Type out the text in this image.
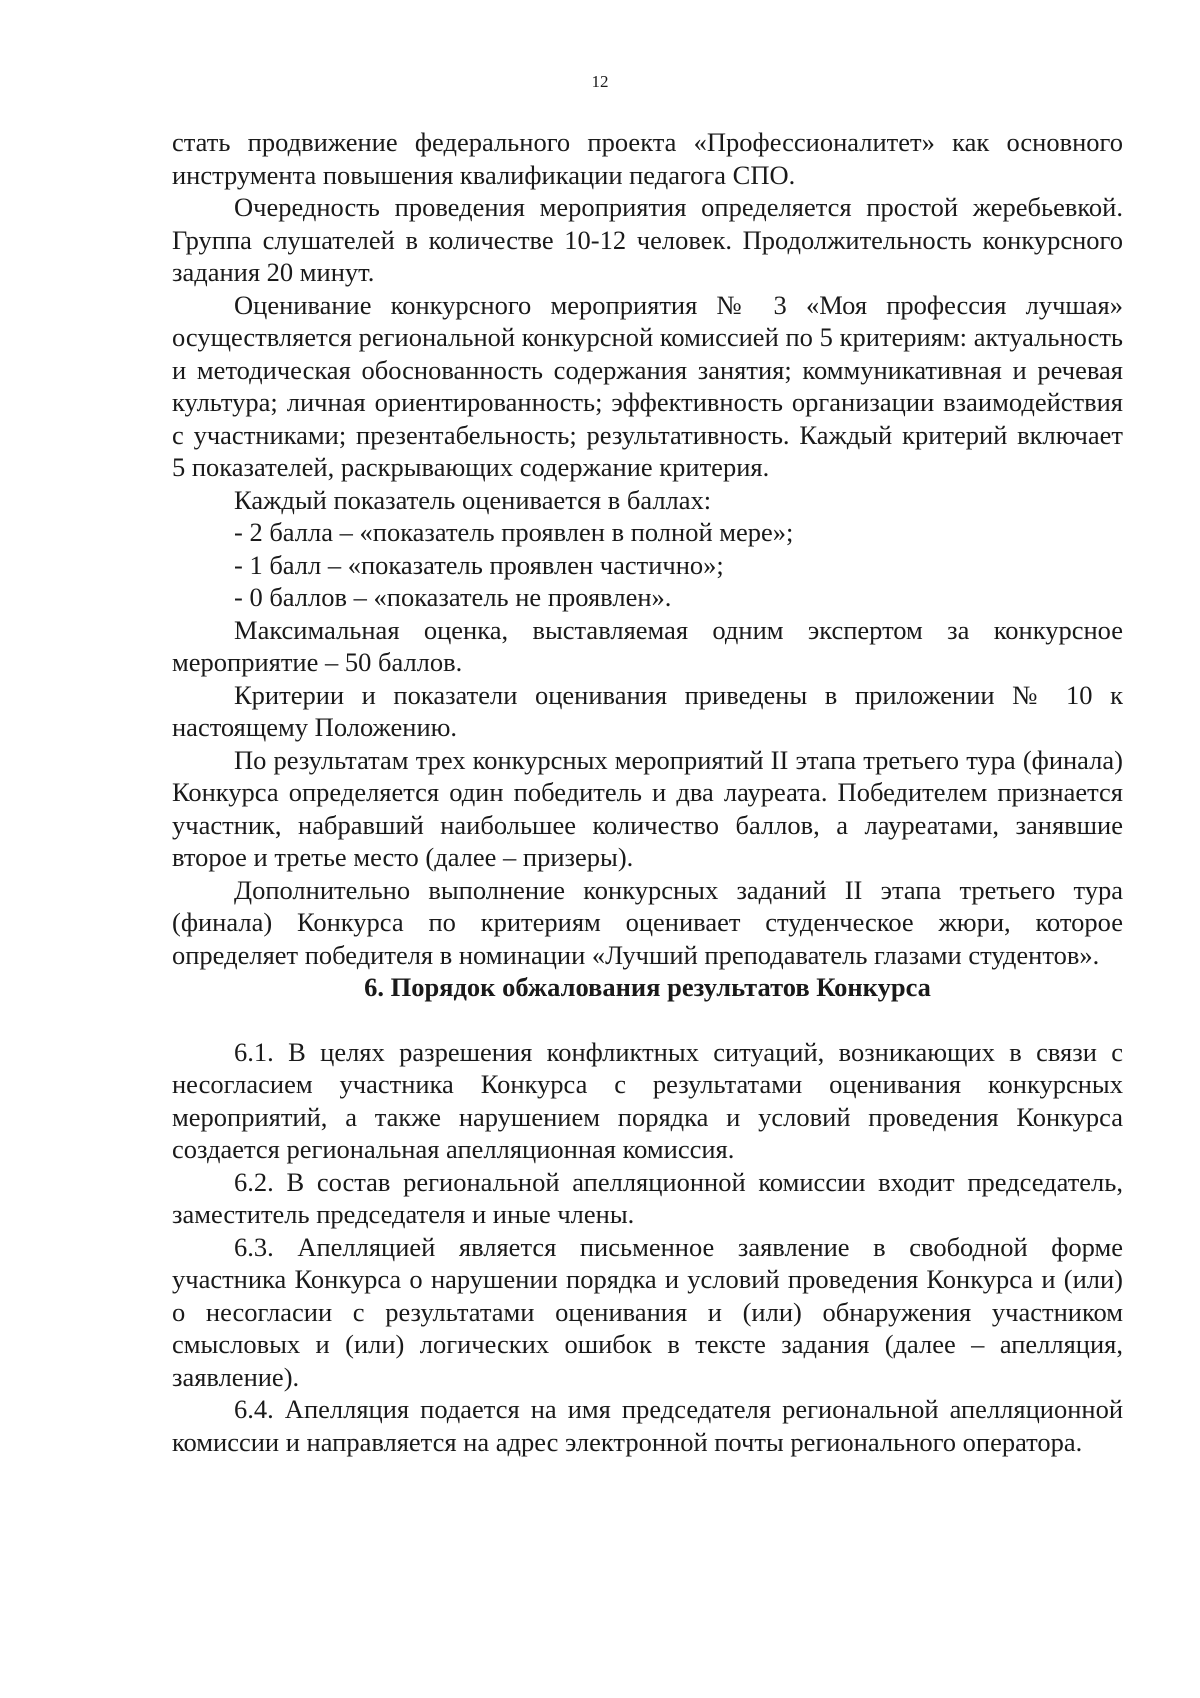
12

стать продвижение федерального проекта «Профессионалитет» как основного инструмента повышения квалификации педагога СПО.

Очередность проведения мероприятия определяется простой жеребьевкой. Группа слушателей в количестве 10-12 человек. Продолжительность конкурсного задания 20 минут.

Оценивание конкурсного мероприятия № 3 «Моя профессия лучшая» осуществляется региональной конкурсной комиссией по 5 критериям: актуальность и методическая обоснованность содержания занятия; коммуникативная и речевая культура; личная ориентированность; эффективность организации взаимодействия с участниками; презентабельность; результативность. Каждый критерий включает 5 показателей, раскрывающих содержание критерия.

Каждый показатель оценивается в баллах:

- 2 балла – «показатель проявлен в полной мере»;

- 1 балл – «показатель проявлен частично»;

- 0 баллов – «показатель не проявлен».

Максимальная оценка, выставляемая одним экспертом за конкурсное мероприятие – 50 баллов.

Критерии и показатели оценивания приведены в приложении № 10 к настоящему Положению.

По результатам трех конкурсных мероприятий II этапа третьего тура (финала) Конкурса определяется один победитель и два лауреата. Победителем признается участник, набравший наибольшее количество баллов, а лауреатами, занявшие второе и третье место (далее – призеры).

Дополнительно выполнение конкурсных заданий II этапа третьего тура (финала) Конкурса по критериям оценивает студенческое жюри, которое определяет победителя в номинации «Лучший преподаватель глазами студентов».

6. Порядок обжалования результатов Конкурса

6.1. В целях разрешения конфликтных ситуаций, возникающих в связи с несогласием участника Конкурса с результатами оценивания конкурсных мероприятий, а также нарушением порядка и условий проведения Конкурса создается региональная апелляционная комиссия.

6.2. В состав региональной апелляционной комиссии входит председатель, заместитель председателя и иные члены.

6.3. Апелляцией является письменное заявление в свободной форме участника Конкурса о нарушении порядка и условий проведения Конкурса и (или) о несогласии с результатами оценивания и (или) обнаружения участником смысловых и (или) логических ошибок в тексте задания (далее – апелляция, заявление).

6.4. Апелляция подается на имя председателя региональной апелляционной комиссии и направляется на адрес электронной почты регионального оператора.
